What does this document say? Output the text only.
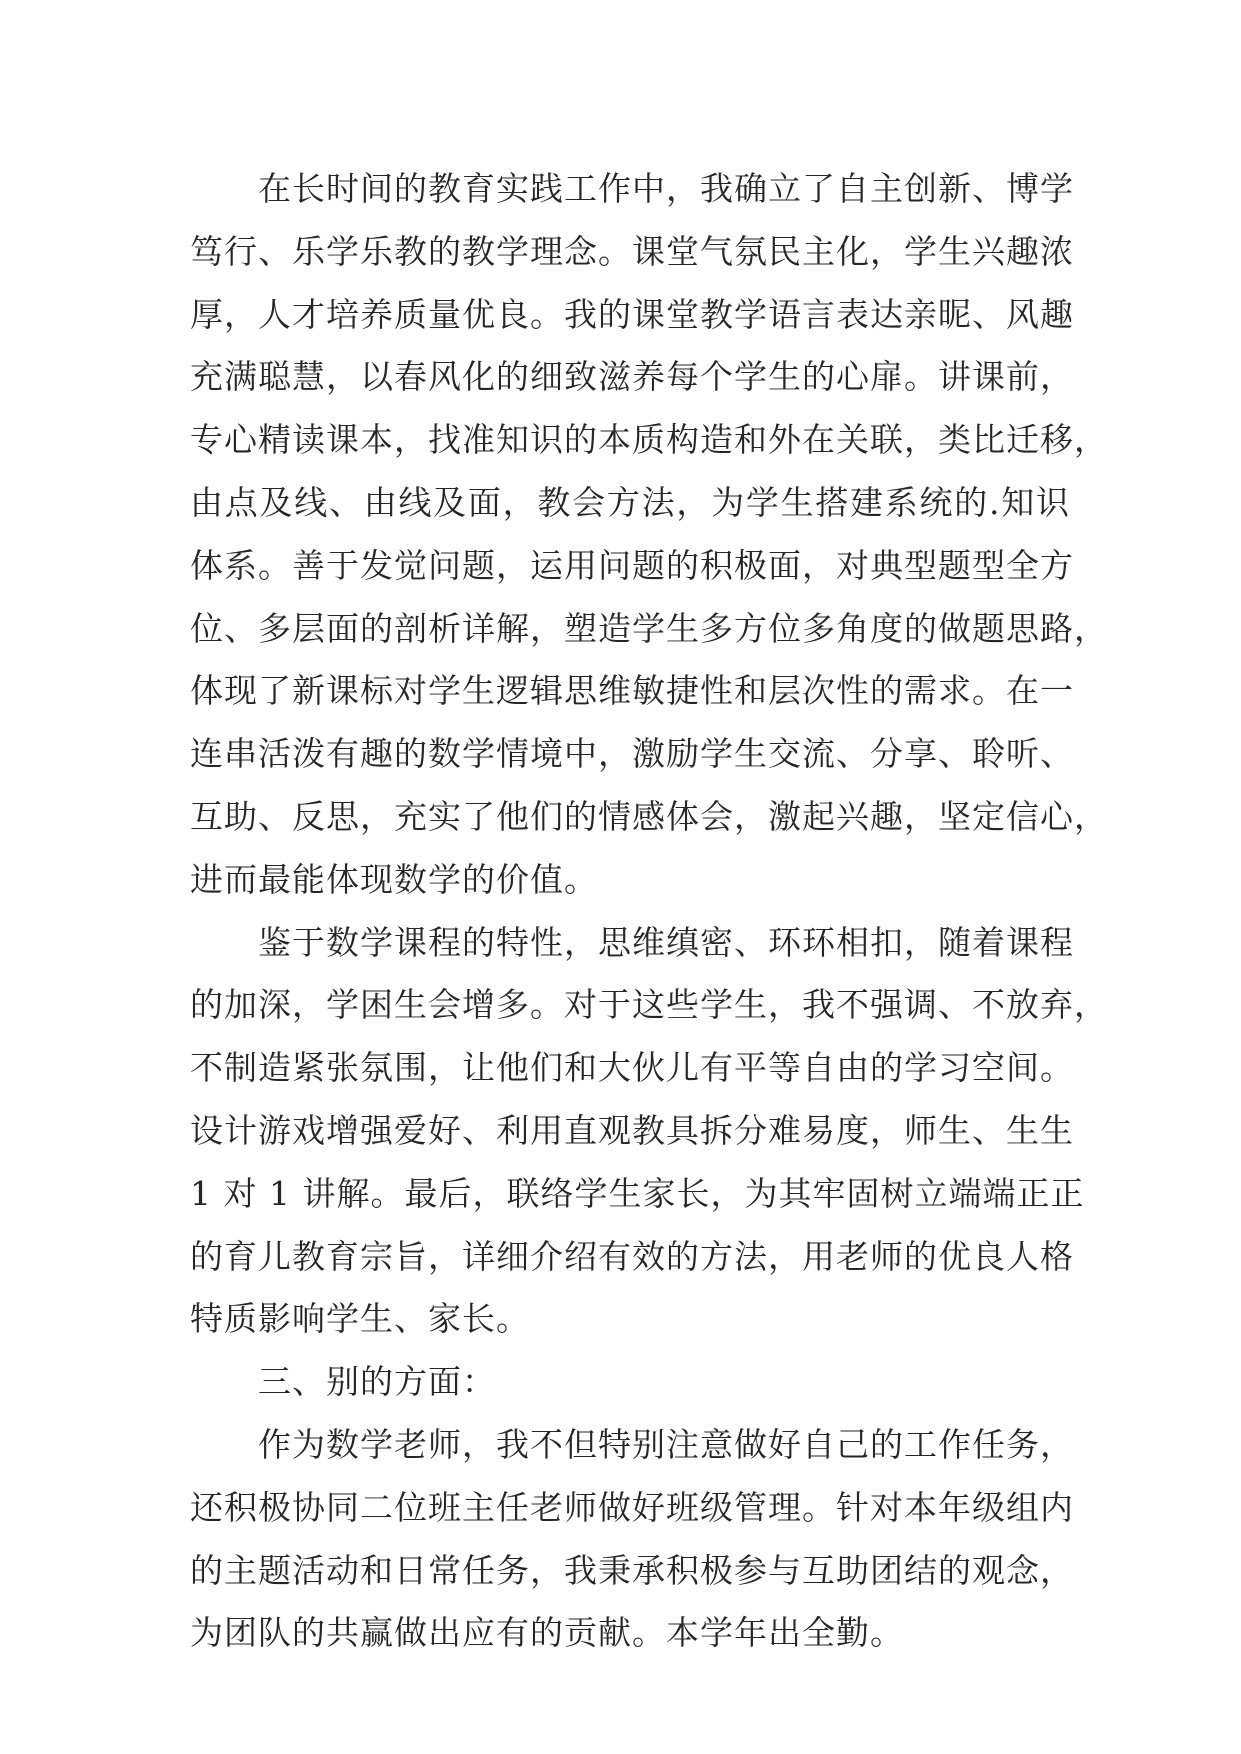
在长时间的教育实践工作中，我确立了自主创新、博学
笃行、乐学乐教的教学理念。课堂气氛民主化，学生兴趣浓
厚，人才培养质量优良。我的课堂教学语言表达亲昵、风趣
充满聪慧，以春风化的细致滋养每个学生的心扉。讲课前，
专心精读课本，找准知识的本质构造和外在关联，类比迁移，
由点及线、由线及面，教会方法，为学生搭建系统的.知识
体系。善于发觉问题，运用问题的积极面，对典型题型全方
位、多层面的剖析详解，塑造学生多方位多角度的做题思路，
体现了新课标对学生逻辑思维敏捷性和层次性的需求。在一
连串活泼有趣的数学情境中，激励学生交流、分享、聆听、
互助、反思，充实了他们的情感体会，激起兴趣，坚定信心，
进而最能体现数学的价值。

鉴于数学课程的特性，思维缜密、环环相扣，随着课程
的加深，学困生会增多。对于这些学生，我不强调、不放弃，
不制造紧张氛围，让他们和大伙儿有平等自由的学习空间。
设计游戏增强爱好、利用直观教具拆分难易度，师生、生生
1 对 1 讲解。最后，联络学生家长，为其牢固树立端端正正
的育儿教育宗旨，详细介绍有效的方法，用老师的优良人格
特质影响学生、家长。

三、别的方面：

作为数学老师，我不但特别注意做好自己的工作任务，
还积极协同二位班主任老师做好班级管理。针对本年级组内
的主题活动和日常任务，我秉承积极参与互助团结的观念，
为团队的共赢做出应有的贡献。本学年出全勤。
